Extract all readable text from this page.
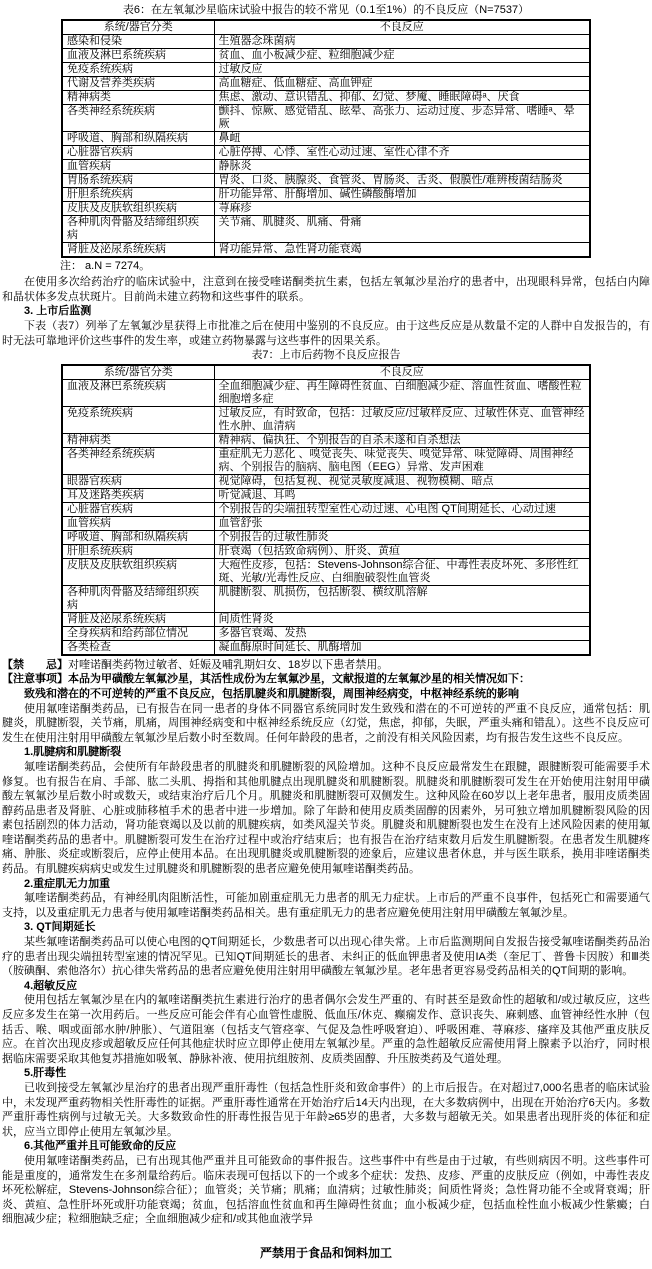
表6：在左氧氟沙星临床试验中报告的较不常见（0.1至1%）的不良反应（N=7537）
系统/器官分类	不良反应
感染和侵染	生殖器念珠菌病
血液及淋巴系统疾病	贫血、血小板减少症、粒细胞减少症
免疫系统疾病	过敏反应
代谢及营养类疾病	高血糖症、低血糖症、高血钾症
精神病类	焦虑、激动、意识错乱、抑郁、幻觉、梦魇、睡眠障碍ᵃ、厌食
各类神经系统疾病	颤抖、惊厥、感觉错乱、眩晕、高张力、运动过度、步态异常、嗜睡ᵃ、晕厥
呼吸道、胸部和纵隔疾病	鼻衄
心脏器官疾病	心脏停搏、心悸、室性心动过速、室性心律不齐
血管疾病	静脉炎
胃肠系统疾病	胃炎、口炎、胰腺炎、食管炎、胃肠炎、舌炎、假膜性/难辨梭菌结肠炎
肝胆系统疾病	肝功能异常、肝酶增加、碱性磷酸酶增加
皮肤及皮肤软组织疾病	荨麻疹
各种肌肉骨骼及结缔组织疾病	关节痛、肌腱炎、肌痛、骨痛
肾脏及泌尿系统疾病	肾功能异常、急性肾功能衰竭
注： a.N = 7274。

在使用多次给药治疗的临床试验中，注意到在接受喹诺酮类抗生素，包括左氧氟沙星治疗的患者中，出现眼科异常，包括白内障和晶状体多发点状斑片。目前尚未建立药物和这些事件的联系。

3. 上市后监测

下表（表7）列举了左氧氟沙星获得上市批准之后在使用中鉴别的不良反应。由于这些反应是从数量不定的人群中自发报告的，有时无法可靠地评价这些事件的发生率，或建立药物暴露与这些事件的因果关系。

表7：上市后药物不良反应报告
系统/器官分类	不良反应
血液及淋巴系统疾病	全血细胞减少症、再生障碍性贫血、白细胞减少症、溶血性贫血、嗜酸性粒细胞增多症
免疫系统疾病	过敏反应，有时致命，包括：过敏反应/过敏样反应、过敏性休克、血管神经性水肿、血清病
精神病类	精神病、偏执狂、个别报告的自杀未遂和自杀想法
各类神经系统疾病	重症肌无力恶化 、嗅觉丧失、味觉丧失、嗅觉异常、味觉障碍、周围神经病、个别报告的脑病、脑电图（EEG）异常、发声困难
眼器官疾病	视觉障碍，包括复视、视觉灵敏度减退、视物模糊、暗点
耳及迷路类疾病	听觉减退、耳鸣
心脏器官疾病	个别报告的尖端扭转型室性心动过速、心电图 QT间期延长、心动过速
血管疾病	血管舒张
呼吸道、胸部和纵隔疾病	个别报告的过敏性肺炎
肝胆系统疾病	肝衰竭（包括致命病例）、肝炎、黄疸
皮肤及皮肤软组织疾病	大疱性皮疹，包括：Stevens-Johnson综合征、中毒性表皮坏死、多形性红斑、光敏/光毒性反应、白细胞破裂性血管炎
各种肌肉骨骼及结缔组织疾病	肌腱断裂、肌损伤，包括断裂、横纹肌溶解
肾脏及泌尿系统疾病	间质性肾炎
全身疾病和给药部位情况	多器官衰竭、发热
各类检查	凝血酶原时间延长、肌酶增加

【禁　　忌】对喹诺酮类药物过敏者、妊娠及哺乳期妇女、18岁以下患者禁用。

【注意事项】本品为甲磺酸左氧氟沙星，其活性成份为左氧氟沙星，文献报道的左氧氟沙星的相关情况如下：

致残和潜在的不可逆转的严重不良反应，包括肌腱炎和肌腱断裂，周围神经病变，中枢神经系统的影响

使用氟喹诺酮类药品，已有报告在同一患者的身体不同器官系统同时发生致残和潜在的不可逆转的严重不良反应，通常包括：肌腱炎，肌腱断裂，关节痛，肌痛，周围神经病变和中枢神经系统反应（幻觉，焦虑，抑郁，失眠，严重头痛和错乱）。这些不良反应可发生在使用注射用甲磺酸左氧氟沙星后数小时至数周。任何年龄段的患者，之前没有相关风险因素，均有报告发生这些不良反应。

1.肌腱病和肌腱断裂

氟喹诺酮类药品，会使所有年龄段患者的肌腱炎和肌腱断裂的风险增加。这种不良反应最常发生在跟腱，跟腱断裂可能需要手术修复。也有报告在肩、手部、肱二头肌、拇指和其他肌腱点出现肌腱炎和肌腱断裂。肌腱炎和肌腱断裂可发生在开始使用注射用甲磺酸左氧氟沙星后数小时或数天，或结束治疗后几个月。肌腱炎和肌腱断裂可双侧发生。这种风险在60岁以上老年患者，服用皮质类固醇药品患者及肾脏、心脏或肺移植手术的患者中进一步增加。除了年龄和使用皮质类固醇的因素外，另可独立增加肌腱断裂风险的因素包括剧烈的体力活动，肾功能衰竭以及以前的肌腱疾病，如类风湿关节炎。肌腱炎和肌腱断裂也发生在没有上述风险因素的使用氟喹诺酮类药品的患者中。肌腱断裂可发生在治疗过程中或治疗结束后；也有报告在治疗结束数月后发生肌腱断裂。在患者发生肌腱疼痛、肿胀、炎症或断裂后，应停止使用本品。在出现肌腱炎或肌腱断裂的迹象后，应建议患者休息，并与医生联系，换用非喹诺酮类药品。有肌腱疾病病史或发生过肌腱炎和肌腱断裂的患者应避免使用氟喹诺酮类药品。

2.重症肌无力加重

氟喹诺酮类药品，有神经肌肉阻断活性，可能加剧重症肌无力患者的肌无力症状。上市后的严重不良事件，包括死亡和需要通气支持，以及重症肌无力患者与使用氟喹诺酮类药品相关。患有重症肌无力的患者应避免使用注射用甲磺酸左氧氟沙星。

3. QT间期延长

某些氟喹诺酮类药品可以使心电图的QT间期延长，少数患者可以出现心律失常。上市后监测期间自发报告接受氟喹诺酮类药品治疗的患者出现尖端扭转型室速的情况罕见。已知QT间期延长的患者、未纠正的低血钾患者及使用IA类（奎尼丁、普鲁卡因胺）和Ⅲ类（胺碘酮、索他洛尔）抗心律失常药品的患者应避免使用注射用甲磺酸左氧氟沙星。老年患者更容易受药品相关的QT间期的影响。

4.超敏反应

使用包括左氧氟沙星在内的氟喹诺酮类抗生素进行治疗的患者偶尔会发生严重的、有时甚至是致命性的超敏和/或过敏反应，这些反应多发生在第一次用药后。一些反应可能会伴有心血管性虚脱、低血压/休克、癫痫发作、意识丧失、麻刺感、血管神经性水肿（包括舌、喉、咽或面部水肿/肿胀）、气道阻塞（包括支气管痉挛、气促及急性呼吸窘迫）、呼吸困难、荨麻疹、瘙痒及其他严重皮肤反应。在首次出现皮疹或超敏反应任何其他症状时应立即停止使用左氧氟沙星。严重的急性超敏反应需使用肾上腺素予以治疗，同时根据临床需要采取其他复苏措施如吸氧、静脉补液、使用抗组胺剂、皮质类固醇、升压胺类药及气道处理。

5.肝毒性

已收到接受左氧氟沙星治疗的患者出现严重肝毒性（包括急性肝炎和致命事件）的上市后报告。在对超过7,000名患者的临床试验中，未发现严重药物相关性肝毒性的证据。严重肝毒性通常在开始治疗后14天内出现，在大多数病例中，出现在开始治疗6天内。多数严重肝毒性病例与过敏无关。大多数致命性的肝毒性报告见于年龄≥65岁的患者，大多数与超敏无关。如果患者出现肝炎的体征和症状，应当立即停止使用左氧氟沙星。

6.其他严重并且可能致命的反应

使用氟喹诺酮类药品，已有出现其他严重并且可能致命的事件报告。这些事件中有些是由于过敏，有些则病因不明。这些事件可能是重度的，通常发生在多剂量给药后。临床表现可包括以下的一个或多个症状：发热、皮疹、严重的皮肤反应（例如，中毒性表皮坏死松解症，Stevens-Johnson综合征）；血管炎；关节痛；肌痛；血清病；过敏性肺炎；间质性肾炎；急性肾功能不全或肾衰竭；肝炎、黄疸、急性肝坏死或肝功能衰竭；贫血，包括溶血性贫血和再生障碍性贫血；血小板减少症，包括血栓性血小板减少性紫癜；白细胞减少症；粒细胞缺乏症；全血细胞减少症和/或其他血液学异

严禁用于食品和饲料加工
